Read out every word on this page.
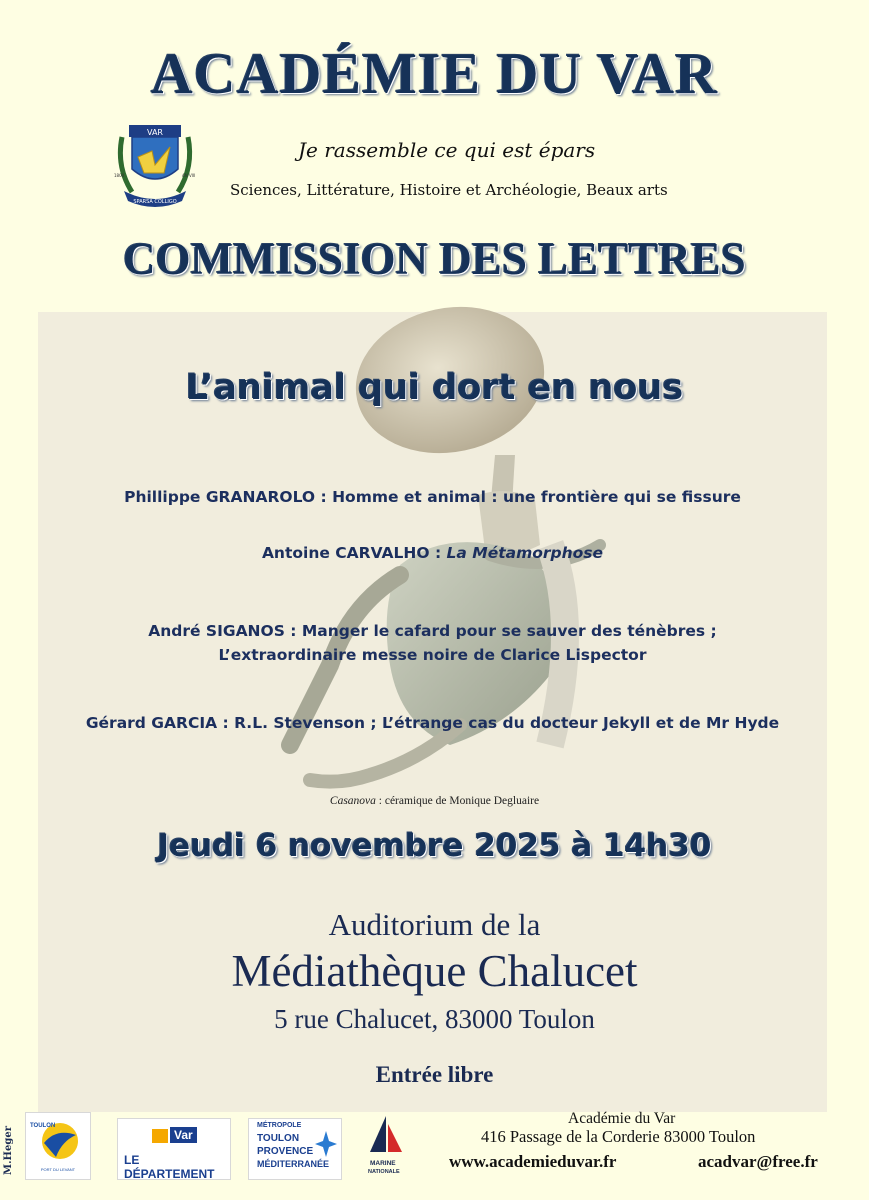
ACADÉMIE DU VAR
VAR
1800	AN VIII
SPARSA COLLIGO
Je rassemble ce qui est épars
Sciences, Littérature, Histoire et Archéologie, Beaux arts
COMMISSION DES LETTRES
L’animal qui dort en nous
Phillippe GRANAROLO : Homme et animal : une frontière qui se fissure
Antoine CARVALHO : La Métamorphose
André SIGANOS : Manger le cafard pour se sauver des ténèbres ;
L’extraordinaire messe noire de Clarice Lispector
Gérard GARCIA : R.L. Stevenson ; L’étrange cas du docteur Jekyll et de Mr Hyde
Casanova : céramique de Monique Degluaire
Jeudi 6 novembre 2025 à 14h30
Auditorium de la
Médiathèque Chalucet
5 rue Chalucet, 83000 Toulon
Entrée libre
M.Heger
TOULON
PORT DU LEVANT
Var
LE DÉPARTEMENT
MÉTROPOLE
TOULON
PROVENCE
MÉDITERRANÉE	MARINE
NATIONALE
Académie du Var
416 Passage de la Corderie 83000 Toulon
www.academieduvar.fr	acadvar@free.fr
